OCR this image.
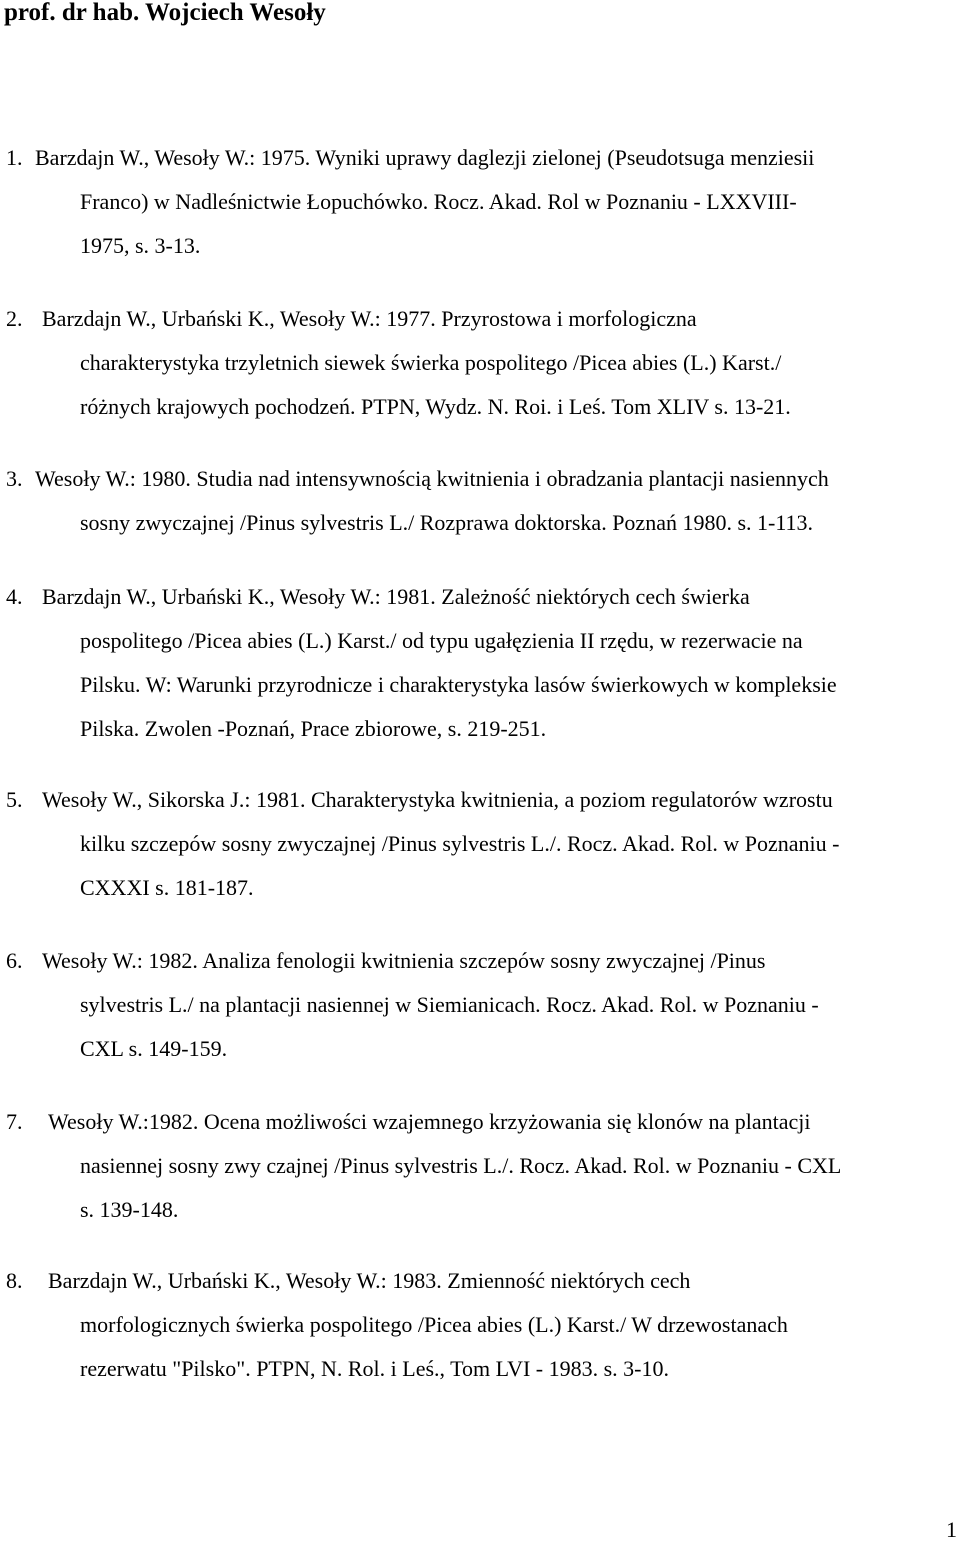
prof. dr hab. Wojciech Wesoły
1. Barzdajn W., Wesoły W.: 1975. Wyniki uprawy daglezji zielonej (Pseudotsuga menziesii
Franco) w Nadleśnictwie Łopuchówko. Rocz. Akad. Rol w Poznaniu - LXXVIII-
1975, s. 3-13.
2. Barzdajn W., Urbański K., Wesoły W.: 1977. Przyrostowa i morfologiczna
charakterystyka trzyletnich siewek świerka pospolitego /Picea abies (L.) Karst./
różnych krajowych pochodzeń. PTPN, Wydz. N. Roi. i Leś. Tom XLIV s. 13-21.
3. Wesoły W.: 1980. Studia nad intensywnością kwitnienia i obradzania plantacji nasiennych
sosny zwyczajnej /Pinus sylvestris L./ Rozprawa doktorska. Poznań 1980. s. 1-113.
4. Barzdajn W., Urbański K., Wesoły W.: 1981. Zależność niektórych cech świerka
pospolitego /Picea abies (L.) Karst./ od typu ugałęzienia II rzędu, w rezerwacie na
Pilsku. W: Warunki przyrodnicze i charakterystyka lasów świerkowych w kompleksie
Pilska. Zwolen -Poznań, Prace zbiorowe, s. 219-251.
5. Wesoły W., Sikorska J.: 1981. Charakterystyka kwitnienia, a poziom regulatorów wzrostu
kilku szczepów sosny zwyczajnej /Pinus sylvestris L./. Rocz. Akad. Rol. w Poznaniu -
CXXXI s. 181-187.
6. Wesoły W.: 1982. Analiza fenologii kwitnienia szczepów sosny zwyczajnej /Pinus
sylvestris L./ na plantacji nasiennej w Siemianicach. Rocz. Akad. Rol. w Poznaniu -
CXL s. 149-159.
7. Wesoły W.:1982. Ocena możliwości wzajemnego krzyżowania się klonów na plantacji
nasiennej sosny zwy czajnej /Pinus sylvestris L./. Rocz. Akad. Rol. w Poznaniu - CXL
s. 139-148.
8. Barzdajn W., Urbański K., Wesoły W.: 1983. Zmienność niektórych cech
morfologicznych świerka pospolitego /Picea abies (L.) Karst./ W drzewostanach
rezerwatu "Pilsko". PTPN, N. Rol. i Leś., Tom LVI - 1983. s. 3-10.
1
